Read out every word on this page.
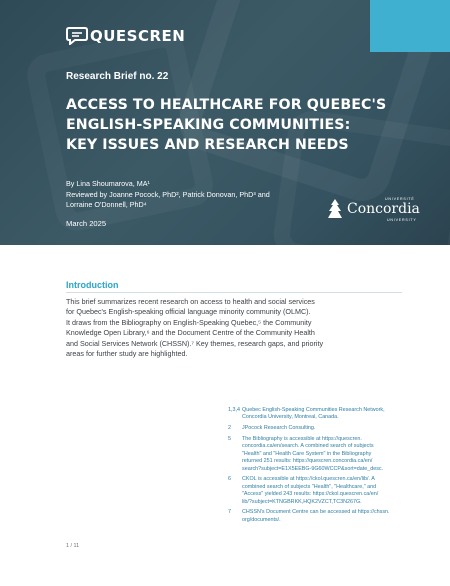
QUESCREN
Research Brief no. 22
ACCESS TO HEALTHCARE FOR QUEBEC'S
ENGLISH-SPEAKING COMMUNITIES:
KEY ISSUES AND RESEARCH NEEDS
By Lina Shoumarova, MA¹
Reviewed by Joanne Pocock, PhD², Patrick Donovan, PhD³ and
Lorraine O'Donnell, PhD⁴
March 2025
UNIVERSITÉ
Concordia
UNIVERSITY
Introduction
This brief summarizes recent research on access to health and social services
for Quebec's English-speaking official language minority community (OLMC).
It draws from the Bibliography on English-Speaking Quebec,⁵ the Community
Knowledge Open Library,⁶ and the Document Centre of the Community Health
and Social Services Network (CHSSN).⁷ Key themes, research gaps, and priority
areas for further study are highlighted.
1,3,4 Quebec English-Speaking Communities Research Network,
Concordia University, Montreal, Canada.
2	JPocock Research Consulting.
5	The Bibliography is accessible at https://quescren.
concordia.ca/en/search. A combined search of subjects
"Health" and "Health Care System" in the Bibliography
returned 251 results: https://quescren.concordia.ca/en/
search?subject=E1X5EEBG-9G60WCCP&sort=date_desc.
6	CKOL is accessible at https://ckol.quescren.ca/en/lib/. A
combined search of subjects "Health", "Healthcare," and
"Access" yielded 243 results: https://ckol.quescren.ca/en/
lib/?subject=KTNGBRKK,HQK2VZCT,TC3N267G.
7	CHSSN's Document Centre can be accessed at https://chssn.
org/documents/.
1 / 11
